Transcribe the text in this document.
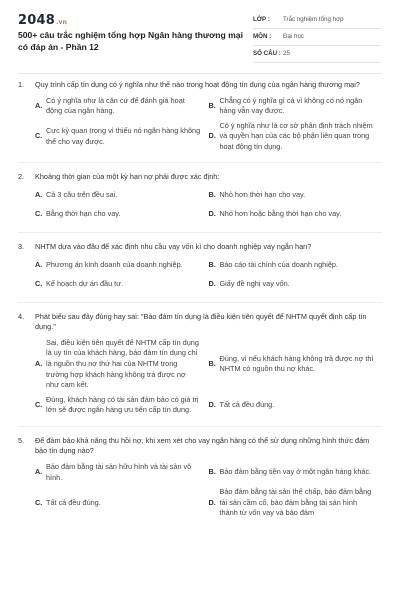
2048.vn
500+ câu trắc nghiệm tổng hợp Ngân hàng thương mại có đáp án - Phần 12
LỚP :	Trắc nghiệm tổng hợp
MÔN :	Đại học
SỐ CÂU : 25
1.	Quy trình cấp tín dụng có ý nghĩa như thế nào trong hoạt động tín dụng của ngân hàng thương mại?
A.
Có ý nghĩa như là căn cứ để đánh giá hoạt động của ngân hàng.
B.
Chẳng có ý nghĩa gì cả vì không có nó ngân hàng vẫn vay được.
C.
Cực kỳ quan trọng vì thiếu nó ngân hàng không thể cho vay được.
D.
Có ý nghĩa như là cơ sở phân định trách nhiệm và quyền hạn của các bộ phận liên quan trong hoạt động tín dụng.
2.	Khoảng thời gian của một kỳ hạn nợ phải được xác định:
A. Cả 3 câu trên đều sai.	B. Nhỏ hơn thời hạn cho vay.
C. Bằng thời hạn cho vay.	D. Nhỏ hơn hoặc bằng thời hạn cho vay.
3.	NHTM dựa vào đâu để xác định nhu cầu vay vốn kì cho doanh nghiệp vay ngắn hạn?
A. Phương án kinh doanh của doanh nghiệp.	B. Báo cáo tài chính của doanh nghiệp.
C. Kế hoạch dự án đầu tư.	D. Giấy đề nghị vay vốn.
4.	Phát biểu sau đây đúng hay sai: "Bảo đảm tín dụng là điều kiện tiên quyết để NHTM quyết định cấp tín dụng."
A.
Sai, điều kiện tiên quyết để NHTM cấp tín dụng là uy tín của khách hàng, bảo đảm tín dụng chỉ là nguồn thu nợ thứ hai của NHTM trong trường hợp khách hàng không trả được nợ như cam kết.
B.
Đúng, vì nếu khách hàng không trả được nợ thì NHTM có nguồn thu nợ khác.
C.
Đúng, khách hàng có tài sản đảm bảo có giá trị lớn sẽ được ngân hàng ưu tiên cấp tín dụng.
D. Tất cả đều đúng.
5.	Để đảm bảo khả năng thu hồi nợ, khi xem xét cho vay ngân hàng có thể sử dụng những hình thức đảm bảo tín dụng nào?
A.
Bảo đảm bằng tài sản hữu hình và tài sản vô hình.
B. Bảo đảm bằng tiền vay ở một ngân hàng khác.
C. Tất cả đều đúng.	D.
Bảo đảm bằng tài sản thế chấp, bảo đảm bằng tài sản cầm cố, bảo đảm bằng tài sản hình thành từ vốn vay và bảo đảm
